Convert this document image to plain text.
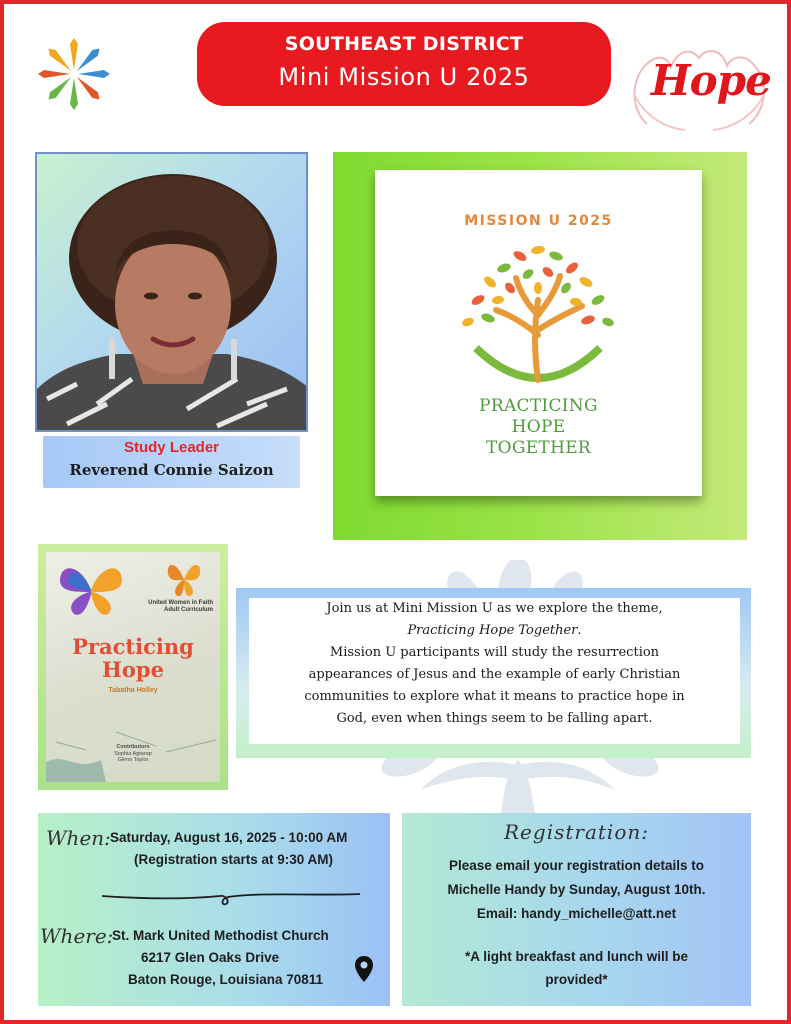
SOUTHEAST DISTRICT
Mini Mission U 2025	Hope
Study Leader
Reverend Connie Saizon
MISSION U 2025
PRACTICING
HOPE
TOGETHER
United Women in Faith
Adult Curriculum
Practicing
Hope
Tabatha Holley
Contributors
Sophia Agtarap
Glenn Taylor
Join us at Mini Mission U as we explore the theme,
Practicing Hope Together.
Mission U participants will study the resurrection
appearances of Jesus and the example of early Christian
communities to explore what it means to practice hope in
God, even when things seem to be falling apart.
When: Saturday, August 16, 2025 - 10:00 AM
(Registration starts at 9:30 AM)
Where:
St. Mark United Methodist Church
6217 Glen Oaks Drive
Baton Rouge, Louisiana 70811
Registration:
Please email your registration details to
Michelle Handy by Sunday, August 10th.
Email: handy_michelle@att.net
*A light breakfast and lunch will be
provided*
